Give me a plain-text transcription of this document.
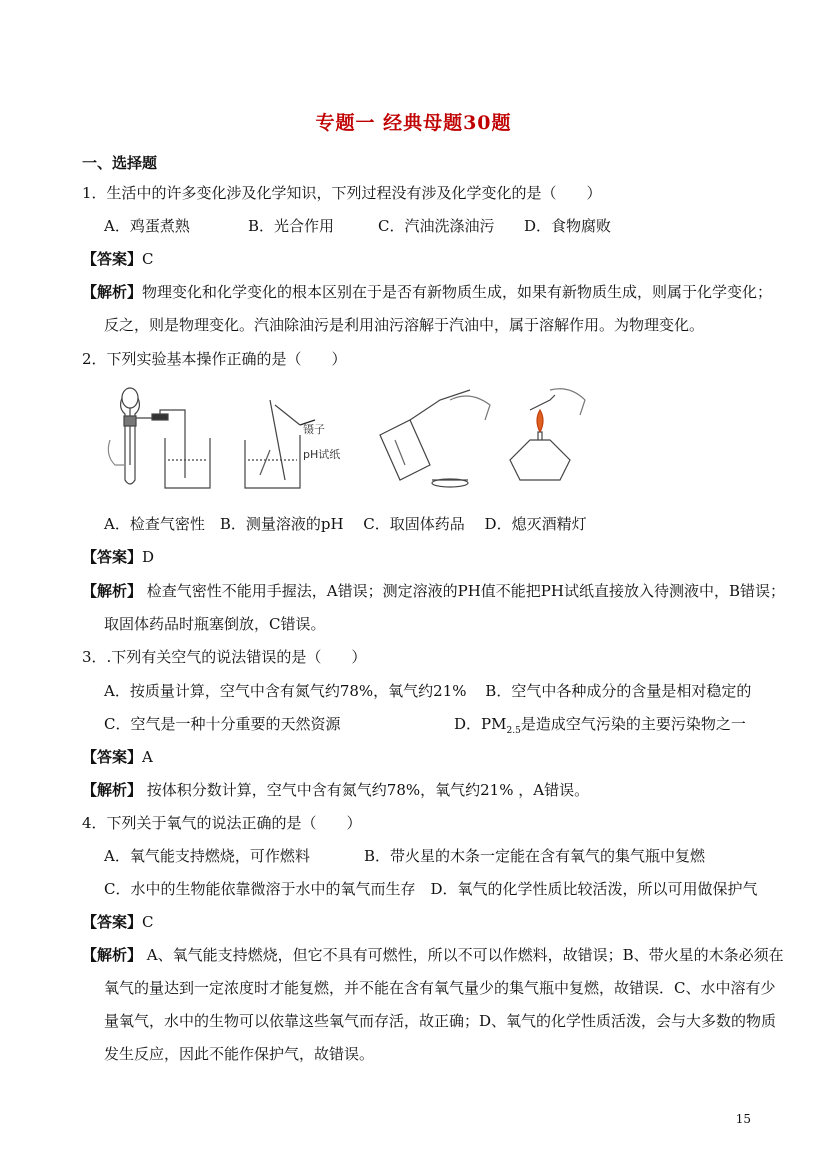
专题一 经典母题30题
一、选择题
1．生活中的许多变化涉及化学知识，下列过程没有涉及化学变化的是（　　）
A．鸡蛋煮熟	B．光合作用	C．汽油洗涤油污 D．食物腐败
【答案】C
【解析】物理变化和化学变化的根本区别在于是否有新物质生成，如果有新物质生成，则属于化学变化；
反之，则是物理变化。汽油除油污是利用油污溶解于汽油中，属于溶解作用。为物理变化。
2．下列实验基本操作正确的是（　　）
镊子
pH试纸
A．检查气密性　B．测量溶液的pH　 C．取固体药品　 D．熄灭酒精灯
【答案】D
【解析】 检查气密性不能用手握法，A错误；测定溶液的PH值不能把PH试纸直接放入待测液中，B错误；
取固体药品时瓶塞倒放，C错误。
3．.下列有关空气的说法错误的是（　　）
A．按质量计算，空气中含有氮气约78%，氧气约21% B．空气中各种成分的含量是相对稳定的
C．空气是一种十分重要的天然资源	D．$PM_{2.5}$是造成空气污染的主要污染物之一
【答案】A
【解析】 按体积分数计算，空气中含有氮气约78%，氧气约21% ，A错误。
4．下列关于氧气的说法正确的是（　　）
A．氧气能支持燃烧，可作燃料	B．带火星的木条一定能在含有氧气的集气瓶中复燃
C．水中的生物能依靠微溶于水中的氧气而生存　D．氧气的化学性质比较活泼，所以可用做保护气
【答案】C
【解析】 A、氧气能支持燃烧，但它不具有可燃性，所以不可以作燃料，故错误；B、带火星的木条必须在
氧气的量达到一定浓度时才能复燃，并不能在含有氧气量少的集气瓶中复燃，故错误．C、水中溶有少
量氧气，水中的生物可以依靠这些氧气而存活，故正确；D、氧气的化学性质活泼，会与大多数的物质
发生反应，因此不能作保护气，故错误。
15
